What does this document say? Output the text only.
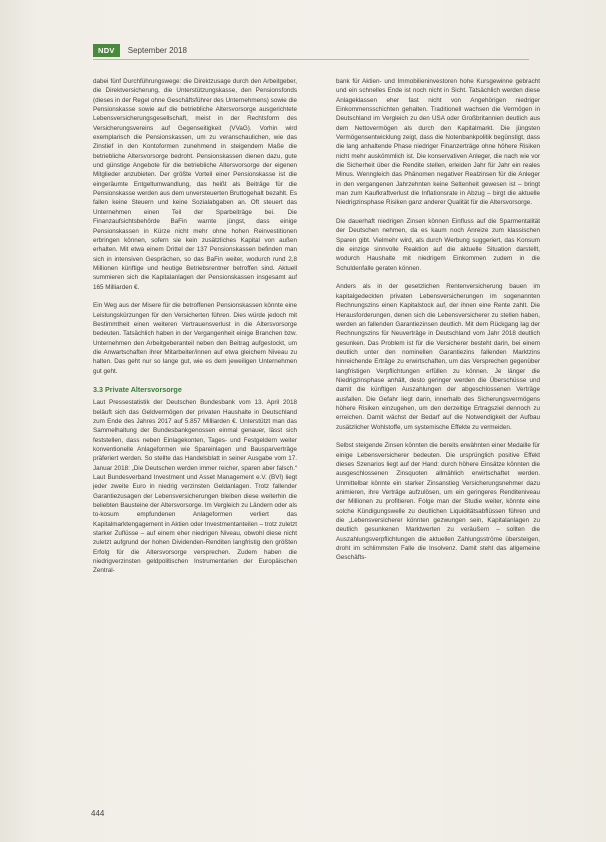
NDV	September 2018

dabei fünf Durchführungswege: die Direktzusage durch den Arbeitgeber, die Direktversicherung, die Unterstützungskasse, den Pensionsfonds (dieses in der Regel ohne Geschäftsführer des Unternehmens) sowie die Pensionskasse sowie auf die betriebliche Altersvorsorge ausgerichtete Lebensversicherungsgesellschaft, meist in der Rechtsform des Versicherungsvereins auf Gegenseitigkeit (VVaG). Vorhin wird exemplarisch die Pensionskassen, um zu veranschaulichen, wie das Zinstief in den Kontoformen zunehmend in steigendem Maße die betriebliche Altersvorsorge bedroht. Pensionskassen dienen dazu, gute und günstige Angebote für die betriebliche Altersvorsorge der eigenen Mitglieder anzubieten. Der größte Vorteil einer Pensionskasse ist die eingeräumte Entgeltumwandlung, das heißt als Beiträge für die Pensionskasse werden aus dem unversteuerten Bruttogehalt bezahlt. Es fallen keine Steuern und keine Sozialabgaben an. Oft steuert das Unternehmen einen Teil der Sparbeiträge bei. Die Finanzaufsichtsbehörde BaFin warnte jüngst, dass einige Pensionskassen in Kürze nicht mehr ohne hohen Reinvestitionen erbringen können, sofern sie kein zusätzliches Kapital von außen erhalten. Mit etwa einem Drittel der 137 Pensionskassen befinden man sich in intensiven Gesprächen, so das BaFin weiter, wodurch rund 2,8 Millionen künftige und heutige Betriebsrentner betroffen sind. Aktuell summieren sich die Kapitalanlagen der Pensionskassen insgesamt auf 165 Milliarden €.

Ein Weg aus der Misere für die betroffenen Pensionskassen könnte eine Leistungskürzungen für den Versicherten führen. Dies würde jedoch mit Bestimmtheit einen weiteren Vertrauensverlust in die Altersvorsorge bedeuten. Tatsächlich haben in der Vergangenheit einige Branchen bzw. Unternehmen den Arbeitgeberanteil neben den Beitrag aufgestockt, um die Anwartschaften ihrer Mitarbeiter/innen auf etwa gleichem Niveau zu halten. Das geht nur so lange gut, wie es dem jeweiligen Unternehmen gut geht.

3.3 Private Altersvorsorge

Laut Pressestatistik der Deutschen Bundesbank vom 13. April 2018 beläuft sich das Geldvermögen der privaten Haushalte in Deutschland zum Ende des Jahres 2017 auf 5.857 Milliarden €. Unterstützt man das Sammelhaltung der Bundesbankgenossen einmal genauer, lässt sich feststellen, dass neben Einlagekonten, Tages- und Festgeldern weiter konventionelle Anlageformen wie Spareinlagen und Bausparverträge präferiert werden. So stellte das Handelsblatt in seiner Ausgabe vom 17. Januar 2018: „Die Deutschen werden immer reicher, sparen aber falsch.“ Laut Bundesverband Investment und Asset Management e.V. (BVI) liegt jeder zweite Euro in niedrig verzinsten Geldanlagen. Trotz fallender Garantiezusagen der Lebensversicherungen bleiben diese weiterhin die beliebten Bausteine der Altersvorsorge. Im Vergleich zu Ländern oder als to-kosum empfundenen Anlageformen verliert das Kapitalmarktengagement in Aktien oder Investmentanteilen – trotz zuletzt starker Zuflüsse – auf einem eher niedrigen Niveau, obwohl diese nicht zuletzt aufgrund der hohen Dividenden-Renditen langfristig den größten Erfolg für die Altersvorsorge versprechen. Zudem haben die niedrigverzinsten geldpolitischen Instrumentarien der Europäischen Zentral-

bank für Aktien- und Immobilieninvestoren hohe Kursgewinne gebracht und ein schnelles Ende ist noch nicht in Sicht. Tatsächlich werden diese Anlageklassen eher fast nicht von Angehörigen niedriger Einkommensschichten gehalten. Traditionell wachsen die Vermögen in Deutschland im Vergleich zu den USA oder Großbritannien deutlich aus dem Nettovermögen als durch den Kapitalmarkt. Die jüngsten Vermögensentwicklung zeigt, dass die Notenbankpolitik begünstigt, dass die lang anhaltende Phase niedriger Finanzerträge ohne höhere Risiken nicht mehr auskömmlich ist. Die konservativen Anleger, die nach wie vor die Sicherheit über die Rendite stellen, erleiden Jahr für Jahr ein reales Minus. Wenngleich das Phänomen negativer Realzinsen für die Anleger in den vergangenen Jahrzehnten keine Seltenheit gewesen ist – bringt man zum Kaufkraftverlust die Inflationsrate in Abzug – birgt die aktuelle Niedrigzinsphase Risiken ganz anderer Qualität für die Altersvorsorge.

Die dauerhaft niedrigen Zinsen können Einfluss auf die Sparmentalität der Deutschen nehmen, da es kaum noch Anreize zum klassischen Sparen gibt. Vielmehr wird, als durch Werbung suggeriert, das Konsum die einzige sinnvolle Reaktion auf die aktuelle Situation darstellt, wodurch Haushalte mit niedrigem Einkommen zudem in die Schuldenfalle geraten können.

Anders als in der gesetzlichen Rentenversicherung bauen im kapitalgedeckten privaten Lebensversicherungen im sogenannten Rechnungszins einen Kapitalstock auf, der ihnen eine Rente zahlt. Die Herausforderungen, denen sich die Lebensversicherer zu stellen haben, werden an fallenden Garantiezinsen deutlich. Mit dem Rückgang lag der Rechnungszins für Neuverträge in Deutschland vom Jahr 2018 deutlich gesunken. Das Problem ist für die Versicherer besteht darin, bei einem deutlich unter den nominellen Garantiezins fallenden Marktzins hinreichende Erträge zu erwirtschaften, um das Versprechen gegenüber langfristigen Verpflichtungen erfüllen zu können. Je länger die Niedrigzinsphase anhält, desto geringer werden die Überschüsse und damit die künftigen Auszahlungen der abgeschlossenen Verträge ausfallen. Die Gefahr liegt darin, innerhalb des Sicherungsvermögens höhere Risiken einzugehen, um den derzeitige Ertragsziel dennoch zu erreichen. Damit wächst der Bedarf auf die Notwendigkeit der Aufbau zusätzlicher Wohlstoffe, um systemische Effekte zu vermeiden.

Selbst steigende Zinsen könnten die bereits erwähnten einer Medaille für einige Lebensversicherer bedeuten. Die ursprünglich positive Effekt dieses Szenarios liegt auf der Hand: durch höhere Einsätze könnten die ausgeschlossenen Zinsquoten allmählich erwirtschaftet werden. Unmittelbar könnte ein starker Zinsanstieg Versicherungsnehmer dazu animieren, ihre Verträge aufzulösen, um ein geringeres Renditeniveau der Millionen zu profitieren. Folge man der Studie weiter, könnte eine solche Kündigungswelle zu deutlichen Liquiditätsabflüssen führen und die „Lebensversicherer könnten gezwungen sein, Kapitalanlagen zu deutlich gesunkenen Marktwerten zu veräußern – sollten die Auszahlungsverpflichtungen die aktuellen Zahlungsströme übersteigen, droht im schlimmsten Falle die Insolvenz. Damit steht das allgemeine Geschäfts-

444
